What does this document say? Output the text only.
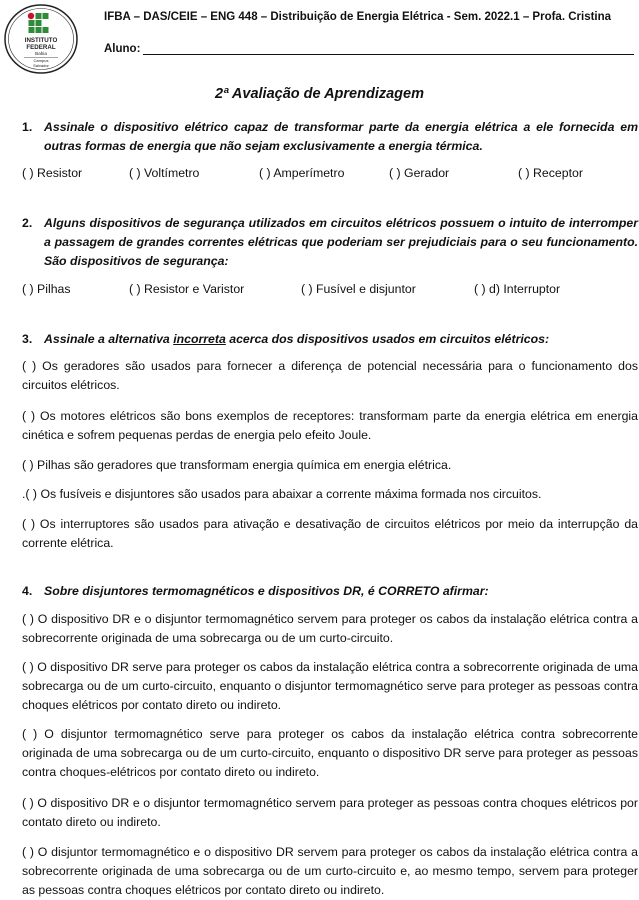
INSTITUTO
FEDERAL
Bahia
Campus
Salvador
IFBA – DAS/CEIE – ENG 448 – Distribuição de Energia Elétrica - Sem. 2022.1 – Profa. Cristina
Aluno:
2ª Avaliação de Aprendizagem
1. Assinale o dispositivo elétrico capaz de transformar parte da energia elétrica a ele fornecida em outras formas de energia que não sejam exclusivamente a energia térmica.
( ) Resistor	( ) Voltímetro	( ) Amperímetro	( ) Gerador	( ) Receptor
2. Alguns dispositivos de segurança utilizados em circuitos elétricos possuem o intuito de interromper a passagem de grandes correntes elétricas que poderiam ser prejudiciais para o seu funcionamento. São dispositivos de segurança:
( ) Pilhas	( ) Resistor e Varistor	( ) Fusível e disjuntor	( ) d) Interruptor
3. Assinale a alternativa incorreta acerca dos dispositivos usados em circuitos elétricos:
( ) Os geradores são usados para fornecer a diferença de potencial necessária para o funcionamento dos circuitos elétricos.
( ) Os motores elétricos são bons exemplos de receptores: transformam parte da energia elétrica em energia cinética e sofrem pequenas perdas de energia pelo efeito Joule.
( ) Pilhas são geradores que transformam energia química em energia elétrica.
.( ) Os fusíveis e disjuntores são usados para abaixar a corrente máxima formada nos circuitos.
( ) Os interruptores são usados para ativação e desativação de circuitos elétricos por meio da interrupção da corrente elétrica.
4. Sobre disjuntores termomagnéticos e dispositivos DR, é CORRETO afirmar:
( ) O dispositivo DR e o disjuntor termomagnético servem para proteger os cabos da instalação elétrica contra a sobrecorrente originada de uma sobrecarga ou de um curto-circuito.
( ) O dispositivo DR serve para proteger os cabos da instalação elétrica contra a sobrecorrente originada de uma sobrecarga ou de um curto-circuito, enquanto o disjuntor termomagnético serve para proteger as pessoas contra choques elétricos por contato direto ou indireto.
( ) O disjuntor termomagnético serve para proteger os cabos da instalação elétrica contra sobrecorrente originada de uma sobrecarga ou de um curto-circuito, enquanto o dispositivo DR serve para proteger as pessoas contra choques-elétricos por contato direto ou indireto.
( ) O dispositivo DR e o disjuntor termomagnético servem para proteger as pessoas contra choques elétricos por contato direto ou indireto.
( ) O disjuntor termomagnético e o dispositivo DR servem para proteger os cabos da instalação elétrica contra a sobrecorrente originada de uma sobrecarga ou de um curto-circuito e, ao mesmo tempo, servem para proteger as pessoas contra choques elétricos por contato direto ou indireto.
